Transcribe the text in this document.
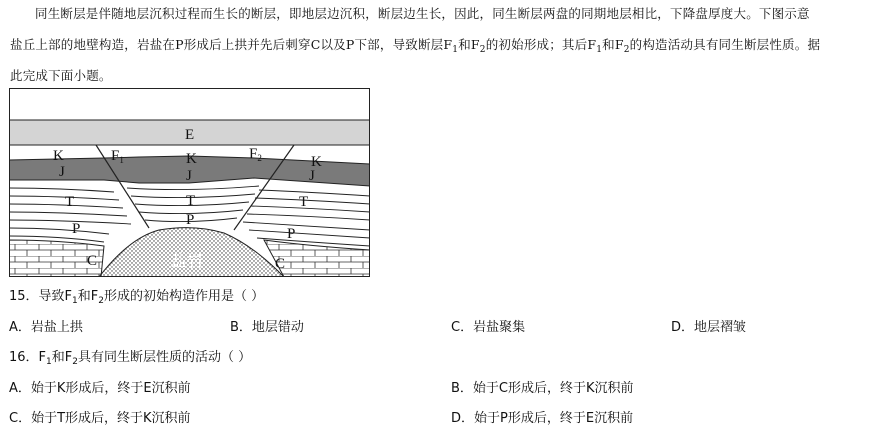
同生断层是伴随地层沉积过程而生长的断层，即地层边沉积，断层边生长，因此，同生断层两盘的同期地层相比，下降盘厚度大。下图示意

盐丘上部的地壁构造，岩盐在P形成后上拱并先后刺穿C以及P下部，导致断层$F_1$和$F_2$的初始形成；其后$F_1$和$F_2$的构造活动具有同生断层性质。据

此完成下面小题。

E
K	K	K
J	J	J
T	T	T
P
P
P
C	C
$F_1$	$F_2$
盐岩
15．导致$F_1$和$F_2$形成的初始构造作用是（ ）
A．岩盐上拱	B．地层错动	C．岩盐聚集	D．地层褶皱
16．$F_1$和$F_2$具有同生断层性质的活动（ ）
A．始于K形成后，终于E沉积前	B．始于C形成后，终于K沉积前
C．始于T形成后，终于K沉积前	D．始于P形成后，终于E沉积前
